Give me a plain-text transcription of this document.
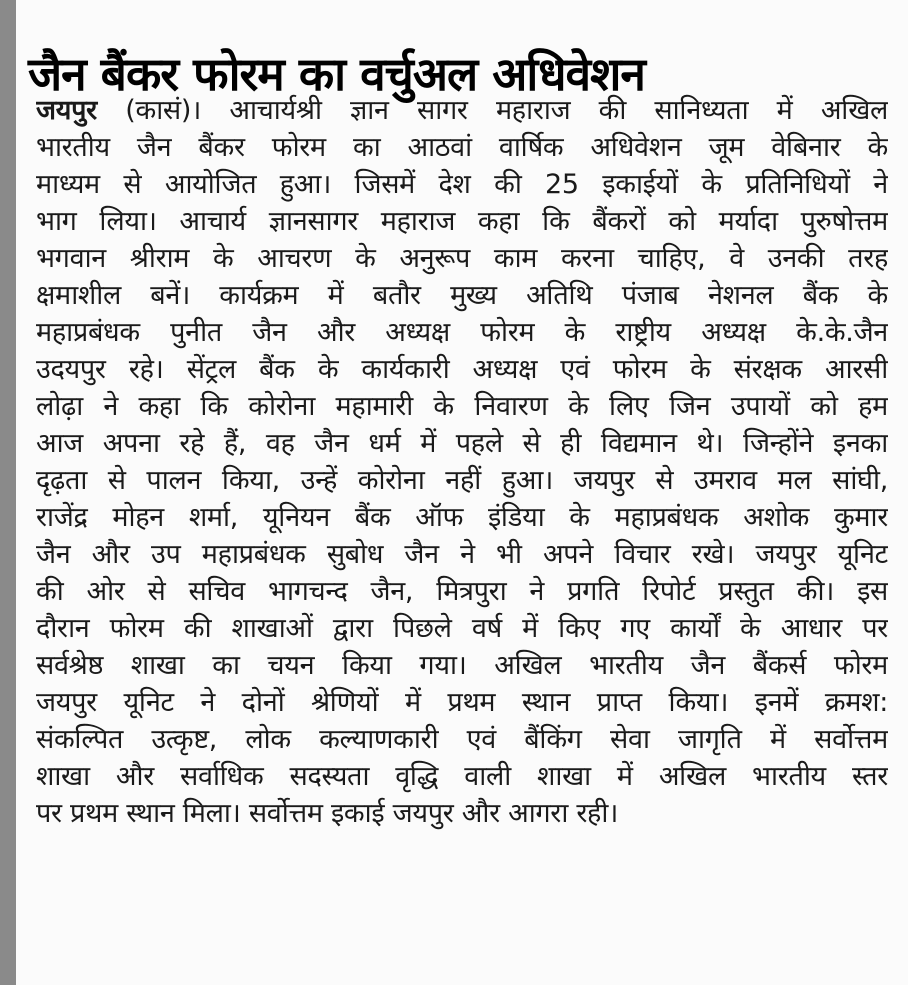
जैन बैंकर फोरम का वर्चुअल अधिवेशन
जयपुर (कासं)। आचार्यश्री ज्ञान सागर महाराज की सानिध्यता में अखिल
भारतीय जैन बैंकर फोरम का आठवां वार्षिक अधिवेशन जूम वेबिनार के
माध्यम से आयोजित हुआ। जिसमें देश की 25 इकाईयों के प्रतिनिधियों ने
भाग लिया। आचार्य ज्ञानसागर महाराज कहा कि बैंकरों को मर्यादा पुरुषोत्तम
भगवान श्रीराम के आचरण के अनुरूप काम करना चाहिए, वे उनकी तरह
क्षमाशील बनें। कार्यक्रम में बतौर मुख्य अतिथि पंजाब नेशनल बैंक के
महाप्रबंधक पुनीत जैन और अध्यक्ष फोरम के राष्ट्रीय अध्यक्ष के.के.जैन
उदयपुर रहे। सेंट्रल बैंक के कार्यकारी अध्यक्ष एवं फोरम के संरक्षक आरसी
लोढ़ा ने कहा कि कोरोना महामारी के निवारण के लिए जिन उपायों को हम
आज अपना रहे हैं, वह जैन धर्म में पहले से ही विद्यमान थे। जिन्होंने इनका
दृढ़ता से पालन किया, उन्हें कोरोना नहीं हुआ। जयपुर से उमराव मल सांघी,
राजेंद्र मोहन शर्मा, यूनियन बैंक ऑफ इंडिया के महाप्रबंधक अशोक कुमार
जैन और उप महाप्रबंधक सुबोध जैन ने भी अपने विचार रखे। जयपुर यूनिट
की ओर से सचिव भागचन्द जैन, मित्रपुरा ने प्रगति रिपोर्ट प्रस्तुत की। इस
दौरान फोरम की शाखाओं द्वारा पिछले वर्ष में किए गए कार्यों के आधार पर
सर्वश्रेष्ठ शाखा का चयन किया गया। अखिल भारतीय जैन बैंकर्स फोरम
जयपुर यूनिट ने दोनों श्रेणियों में प्रथम स्थान प्राप्त किया। इनमें क्रमश:
संकल्पित उत्कृष्ट, लोक कल्याणकारी एवं बैंकिंग सेवा जागृति में सर्वोत्तम
शाखा और सर्वाधिक सदस्यता वृद्धि वाली शाखा में अखिल भारतीय स्तर
पर प्रथम स्थान मिला। सर्वोत्तम इकाई जयपुर और आगरा रही।
